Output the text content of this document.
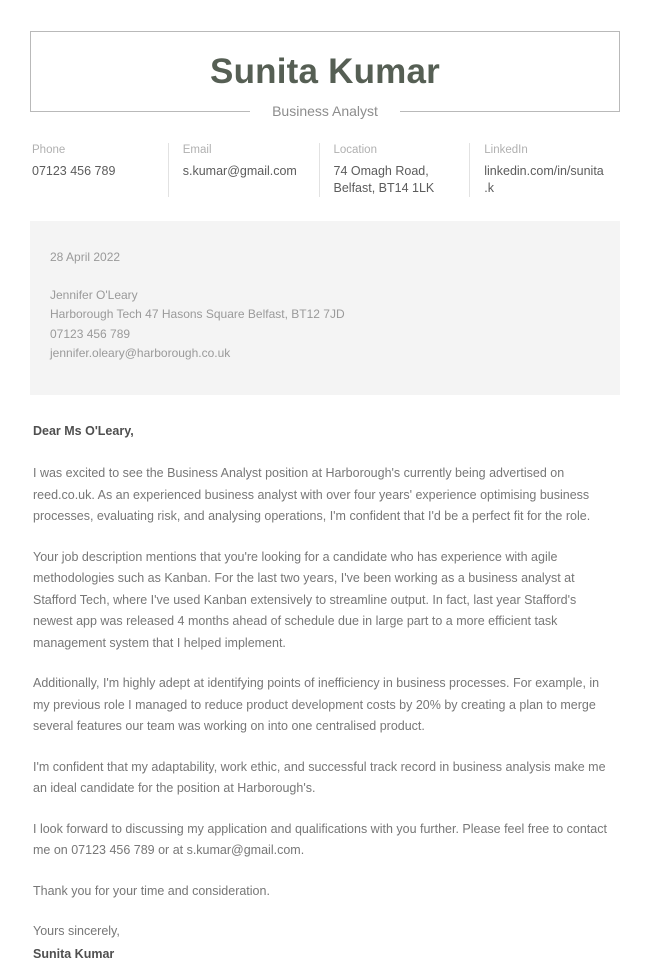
Sunita Kumar
Business Analyst
Phone
07123 456 789
Email
s.kumar@gmail.com
Location
74 Omagh Road, Belfast, BT14 1LK
LinkedIn
linkedin.com/in/sunita.k
28 April 2022
Jennifer O'Leary
Harborough Tech 47 Hasons Square Belfast, BT12 7JD
07123 456 789
jennifer.oleary@harborough.co.uk
Dear Ms O'Leary,

I was excited to see the Business Analyst position at Harborough's currently being advertised on reed.co.uk. As an experienced business analyst with over four years' experience optimising business processes, evaluating risk, and analysing operations, I'm confident that I'd be a perfect fit for the role.

Your job description mentions that you're looking for a candidate who has experience with agile methodologies such as Kanban. For the last two years, I've been working as a business analyst at Stafford Tech, where I've used Kanban extensively to streamline output. In fact, last year Stafford's newest app was released 4 months ahead of schedule due in large part to a more efficient task management system that I helped implement.

Additionally, I'm highly adept at identifying points of inefficiency in business processes. For example, in my previous role I managed to reduce product development costs by 20% by creating a plan to merge several features our team was working on into one centralised product.

I'm confident that my adaptability, work ethic, and successful track record in business analysis make me an ideal candidate for the position at Harborough's.

I look forward to discussing my application and qualifications with you further. Please feel free to contact me on 07123 456 789 or at s.kumar@gmail.com.

Thank you for your time and consideration.

Yours sincerely,
Sunita Kumar
